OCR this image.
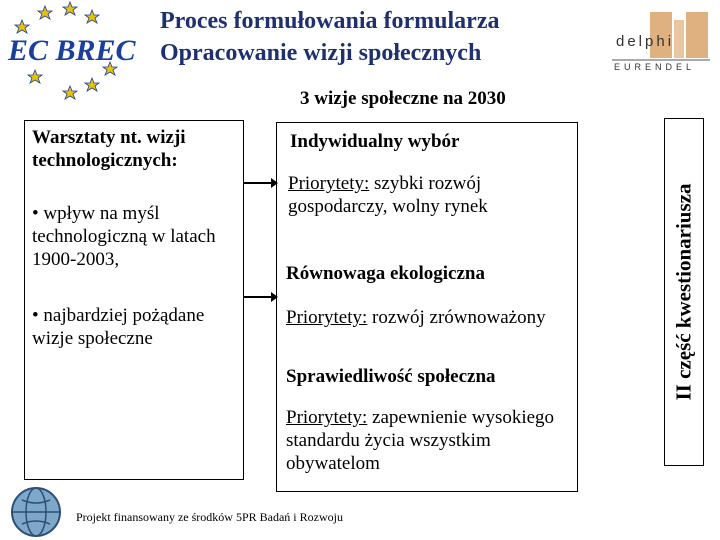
EC BREC	delphi
EURENDEL
Proces formułowania formularza
Opracowanie wizji społecznych
3 wizje społeczne na 2030
Warsztaty nt. wizji technologicznych:
• wpływ na myśl technologiczną w latach 1900-2003,
• najbardziej pożądane wizje społeczne
Indywidualny wybór
Priorytety: szybki rozwój gospodarczy, wolny rynek
Równowaga ekologiczna
Priorytety: rozwój zrównoważony
Sprawiedliwość społeczna
Priorytety: zapewnienie wysokiego standardu życia wszystkim obywatelom
II część kwestionariusza
Projekt finansowany ze środków 5PR Badań i Rozwoju
